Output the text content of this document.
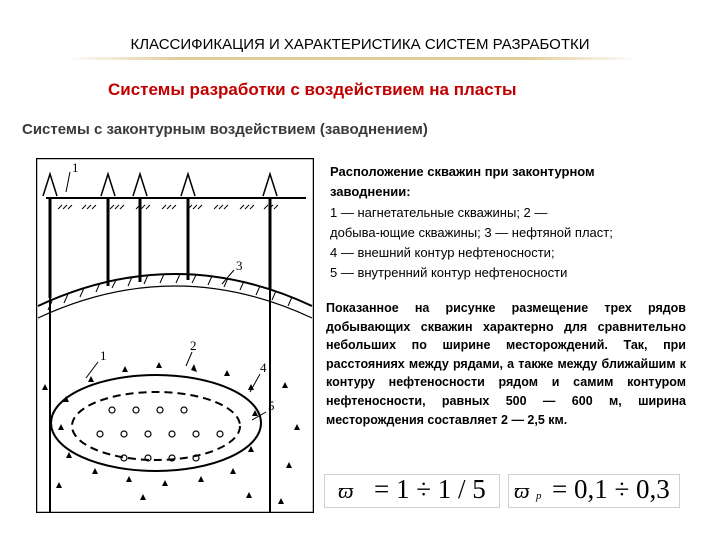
КЛАССИФИКАЦИЯ И ХАРАКТЕРИСТИКА СИСТЕМ РАЗРАБОТКИ
Системы разработки с воздействием на пласты
Системы с законтурным воздействием (заводнением)
1
3
1
2
4
5
Расположение скважин при законтурном заводнении:
1 — нагнетательные скважины; 2 —
добыва-ющие скважины; 3 — нефтяной пласт;
4 — внешний контур нефтеносности;
5 — внутренний контур нефтеносности
Показанное на рисунке размещение трех рядов добывающих скважин характерно для сравнительно небольших по ширине месторождений. Так, при расстояниях между рядами, а также между ближайшим к контуру нефтеносности рядом и самим контуром нефтеносности, равных 500 — 600 м, ширина месторождения составляет 2 — 2,5 км.
ϖ = 1 ÷ 1 / 5 ϖ p = 0,1 ÷ 0,3
